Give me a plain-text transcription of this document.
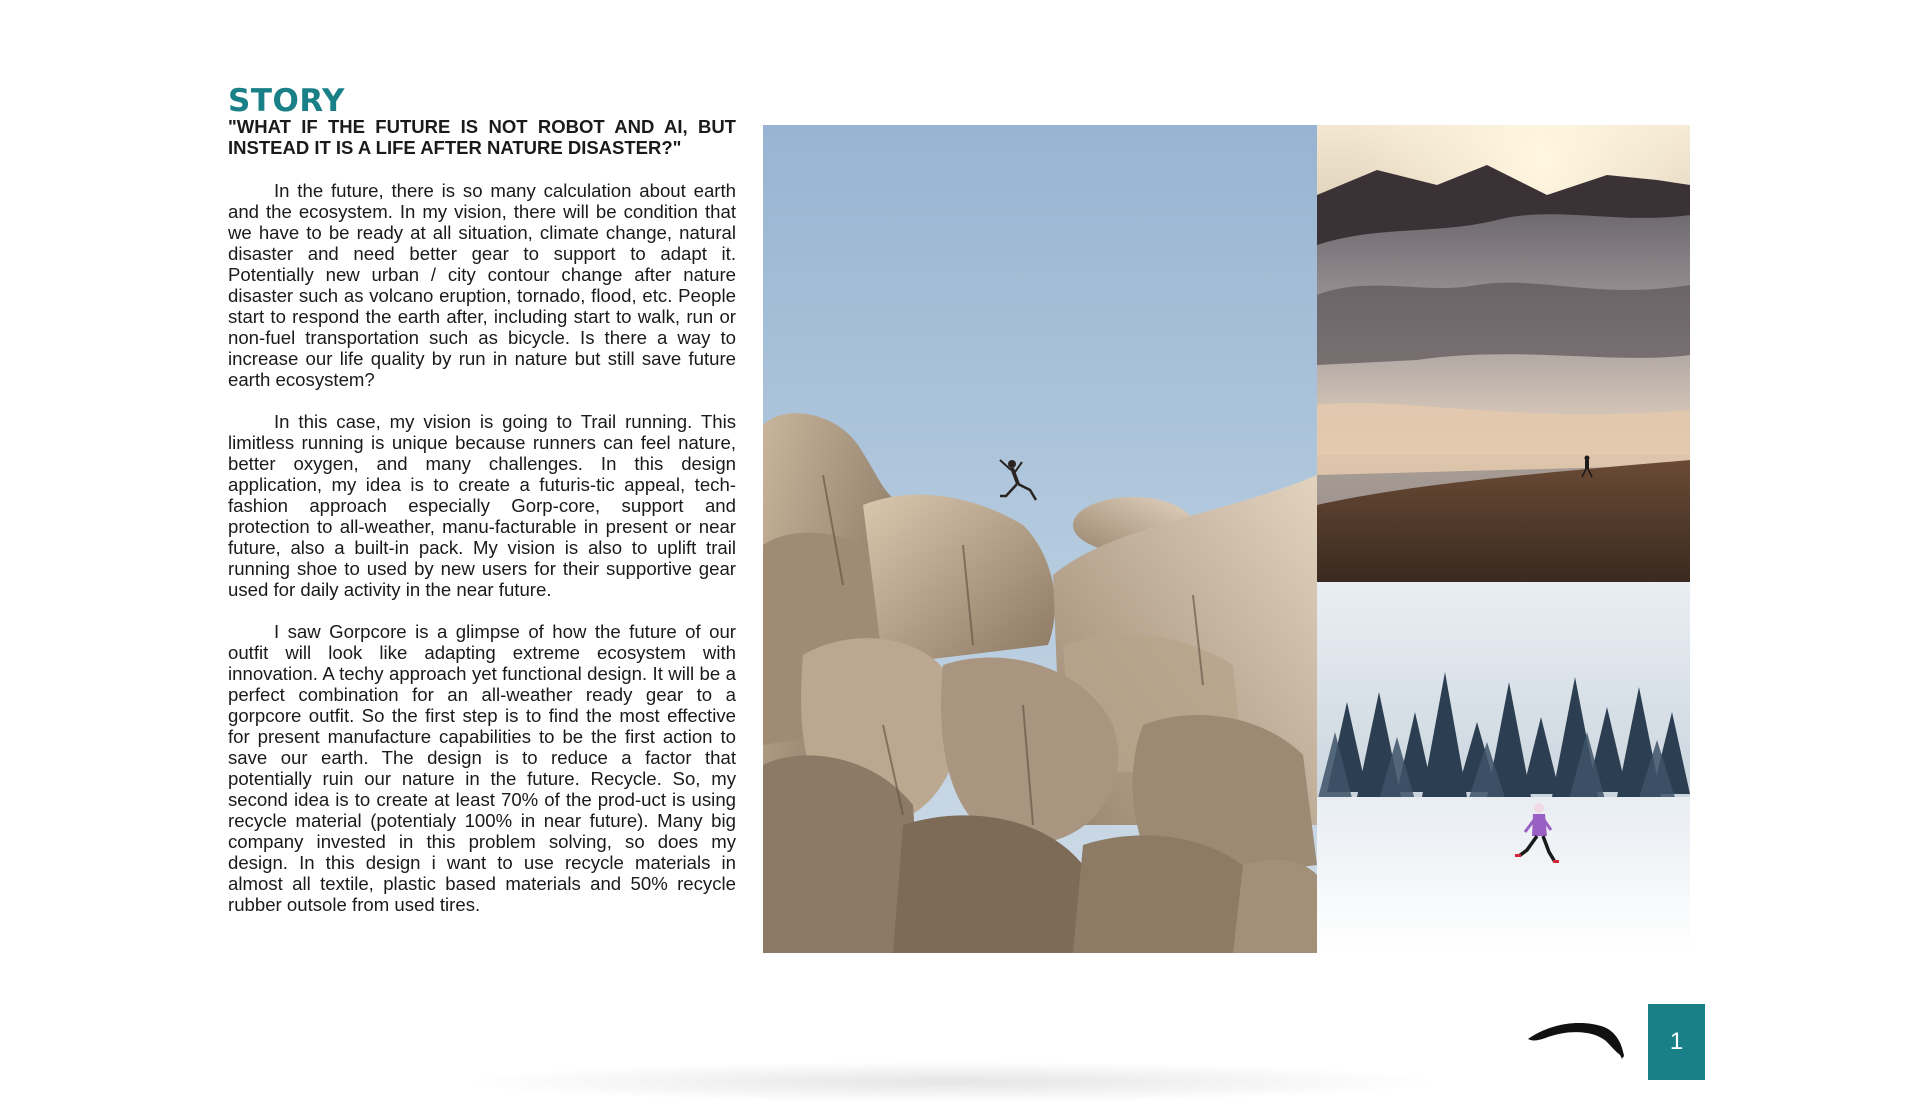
STORY

"WHAT IF THE FUTURE IS NOT ROBOT AND AI, BUT INSTEAD IT IS A LIFE AFTER NATURE DISASTER?"

In the future, there is so many calculation about earth and the ecosystem. In my vision, there will be condition that we have to be ready at all situation, climate change, natural disaster and need better gear to support to adapt it. Potentially new urban / city contour change after nature disaster such as volcano eruption, tornado, flood, etc. People start to respond the earth after, including start to walk, run or non-fuel transportation such as bicycle. Is there a way to increase our life quality by run in nature but still save future earth ecosystem?

In this case, my vision is going to Trail running. This limitless running is unique because runners can feel nature, better oxygen, and many challenges. In this design application, my idea is to create a futuris-tic appeal, tech-fashion approach especially Gorp-core, support and protection to all-weather, manu-facturable in present or near future, also a built-in pack. My vision is also to uplift trail running shoe to used by new users for their supportive gear used for daily activity in the near future.

I saw Gorpcore is a glimpse of how the future of our outfit will look like adapting extreme ecosystem with innovation. A techy approach yet functional design. It will be a perfect combination for an all-weather ready gear to a gorpcore outfit. So the first step is to find the most effective for present manufacture capabilities to be the first action to save our earth. The design is to reduce a factor that potentially ruin our nature in the future. Recycle. So, my second idea is to create at least 70% of the prod-uct is using recycle material (potentialy 100% in near future). Many big company invested in this problem solving, so does my design. In this design i want to use recycle materials in almost all textile, plastic based materials and 50% recycle rubber outsole from used tires.

1
